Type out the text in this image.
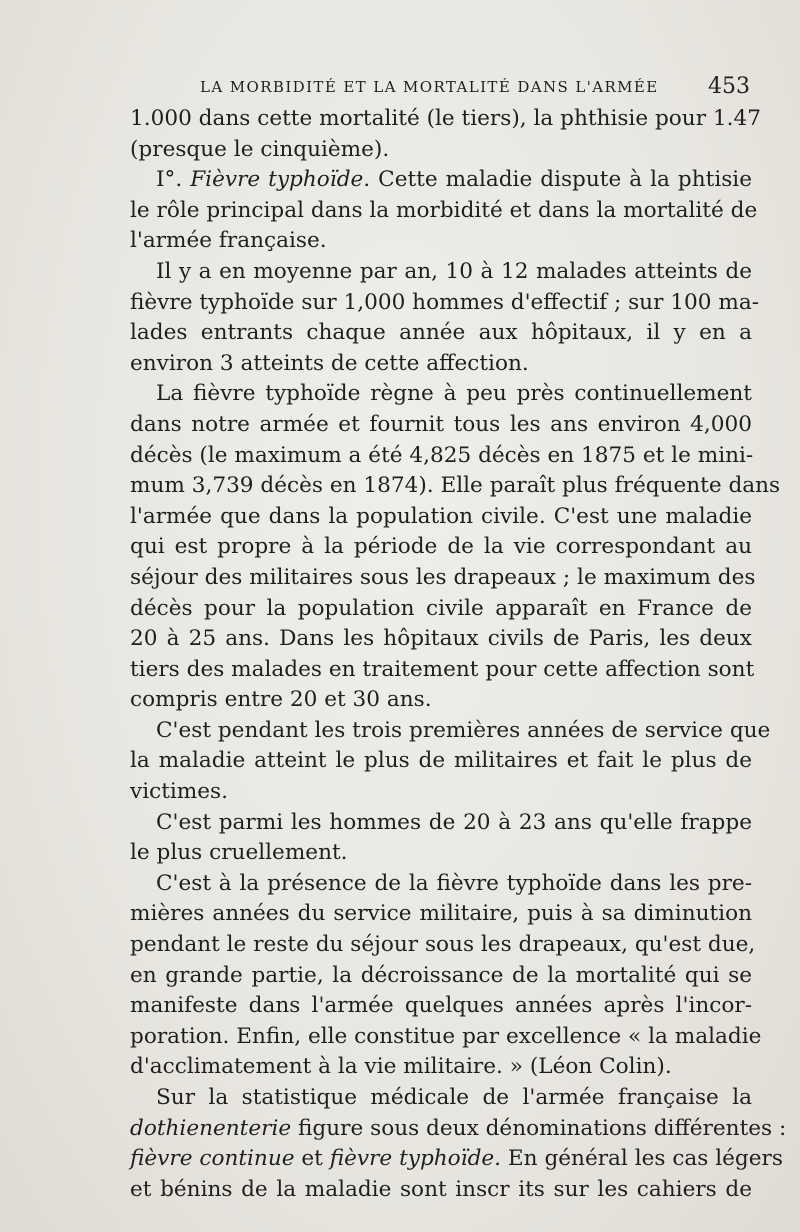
LA MORBIDITÉ ET LA MORTALITÉ DANS L'ARMÉE 453
1.000 dans cette mortalité (le tiers), la phthisie pour 1.47
(presque le cinquième).
I°. Fièvre typhoïde. Cette maladie dispute à la phtisie
le rôle principal dans la morbidité et dans la mortalité de
l'armée française.
Il y a en moyenne par an, 10 à 12 malades atteints de
fièvre typhoïde sur 1,000 hommes d'effectif ; sur 100 ma-
lades entrants chaque année aux hôpitaux, il y en a
environ 3 atteints de cette affection.
La fièvre typhoïde règne à peu près continuellement
dans notre armée et fournit tous les ans environ 4,000
décès (le maximum a été 4,825 décès en 1875 et le mini-
mum 3,739 décès en 1874). Elle paraît plus fréquente dans
l'armée que dans la population civile. C'est une maladie
qui est propre à la période de la vie correspondant au
séjour des militaires sous les drapeaux ; le maximum des
décès pour la population civile apparaît en France de
20 à 25 ans. Dans les hôpitaux civils de Paris, les deux
tiers des malades en traitement pour cette affection sont
compris entre 20 et 30 ans.
C'est pendant les trois premières années de service que
la maladie atteint le plus de militaires et fait le plus de
victimes.
C'est parmi les hommes de 20 à 23 ans qu'elle frappe
le plus cruellement.
C'est à la présence de la fièvre typhoïde dans les pre-
mières années du service militaire, puis à sa diminution
pendant le reste du séjour sous les drapeaux, qu'est due,
en grande partie, la décroissance de la mortalité qui se
manifeste dans l'armée quelques années après l'incor-
poration. Enfin, elle constitue par excellence « la maladie
d'acclimatement à la vie militaire. » (Léon Colin).
Sur la statistique médicale de l'armée française la
dothienenterie figure sous deux dénominations différentes :
fièvre continue et fièvre typhoïde. En général les cas légers
et bénins de la maladie sont inscr its sur les cahiers de
